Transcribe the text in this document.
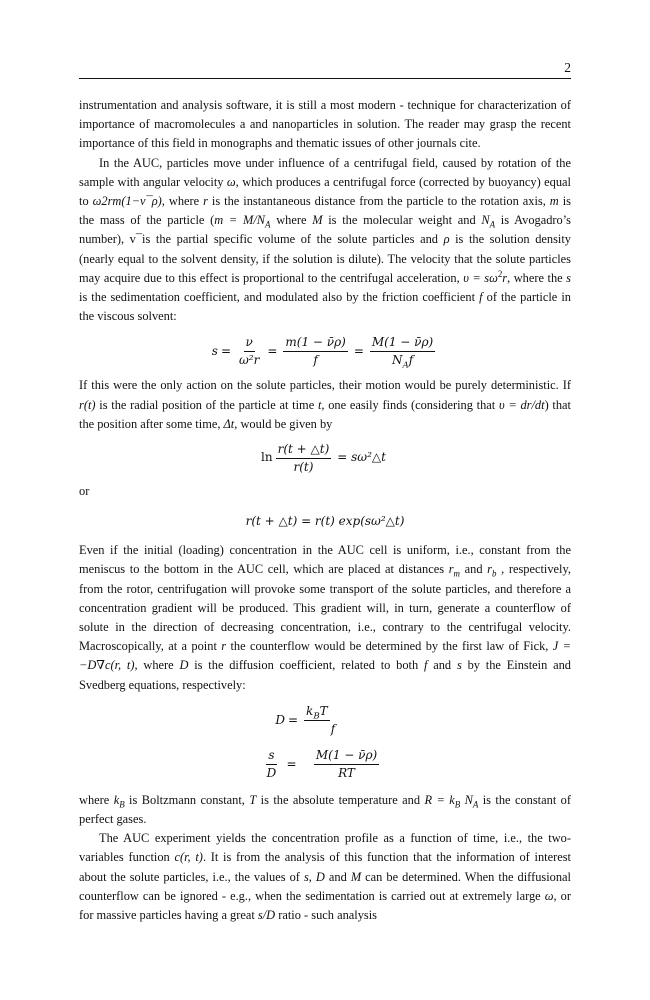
2

instrumentation and analysis software, it is still a most modern - technique for characterization of importance of macromolecules a and nanoparticles in solution. The reader may grasp the recent importance of this field in monographs and thematic issues of other journals cite.

In the AUC, particles move under influence of a centrifugal field, caused by rotation of the sample with angular velocity ω, which produces a centrifugal force (corrected by buoyancy) equal to ω2rm(1−v¯ρ), where r is the instantaneous distance from the particle to the rotation axis, m is the mass of the particle ($m = M/N_A$ where M is the molecular weight and $N_A$ is Avogadro’s number), v¯is the partial specific volume of the solute particles and ρ is the solution density (nearly equal to the solvent density, if the solution is dilute). The velocity that the solute particles may acquire due to this effect is proportional to the centrifugal acceleration, $\upsilon = s\omega^2r$, where the s is the sedimentation coefficient, and modulated also by the friction coefficient f of the particle in the viscous solvent:

$s = \frac{\nu}{\text{ω²r}} = \frac{m(1 - \nū\rho)}{f} = \frac{M(1 - \nū\rho)}{N_Af}$

If this were the only action on the solute particles, their motion would be purely deterministic. If r(t) is the radial position of the particle at time t, one easily finds (considering that υ = dr/dt) that the position after some time, Δt, would be given by

$\ln \frac{r(t + \triangle t)}{r(t)}$ = sω²△t

or

r(t + △t) = r(t) exp(sω²△t)

Even if the initial (loading) concentration in the AUC cell is uniform, i.e., constant from the meniscus to the bottom in the AUC cell, which are placed at distances $r_m$ and $r_b$ , respectively, from the rotor, centrifugation will provoke some transport of the solute particles, and therefore a concentration gradient will be produced. This gradient will, in turn, generate a counterflow of solute in the direction of decreasing concentration, i.e., contrary to the centrifugal velocity. Macroscopically, at a point r the counterflow would be determined by the first law of Fick, J = −D∇c(r, t), where D is the diffusion coefficient, related to both f and s by the Einstein and Svedberg equations, respectively:

D =
$k_BT$
f
$\frac{s}{D} = \frac{M(1 - \nū\rho)}{RT}$

where $k_B$ is Boltzmann constant, T is the absolute temperature and $R = k_B$ $N_A$ is the constant of perfect gases.

The AUC experiment yields the concentration profile as a function of time, i.e., the two-variables function c(r, t). It is from the analysis of this function that the information of interest about the solute particles, i.e., the values of s, D and M can be determined. When the diffusional counterflow can be ignored - e.g., when the sedimentation is carried out at extremely large ω, or for massive particles having a great s/D ratio - such analysis
